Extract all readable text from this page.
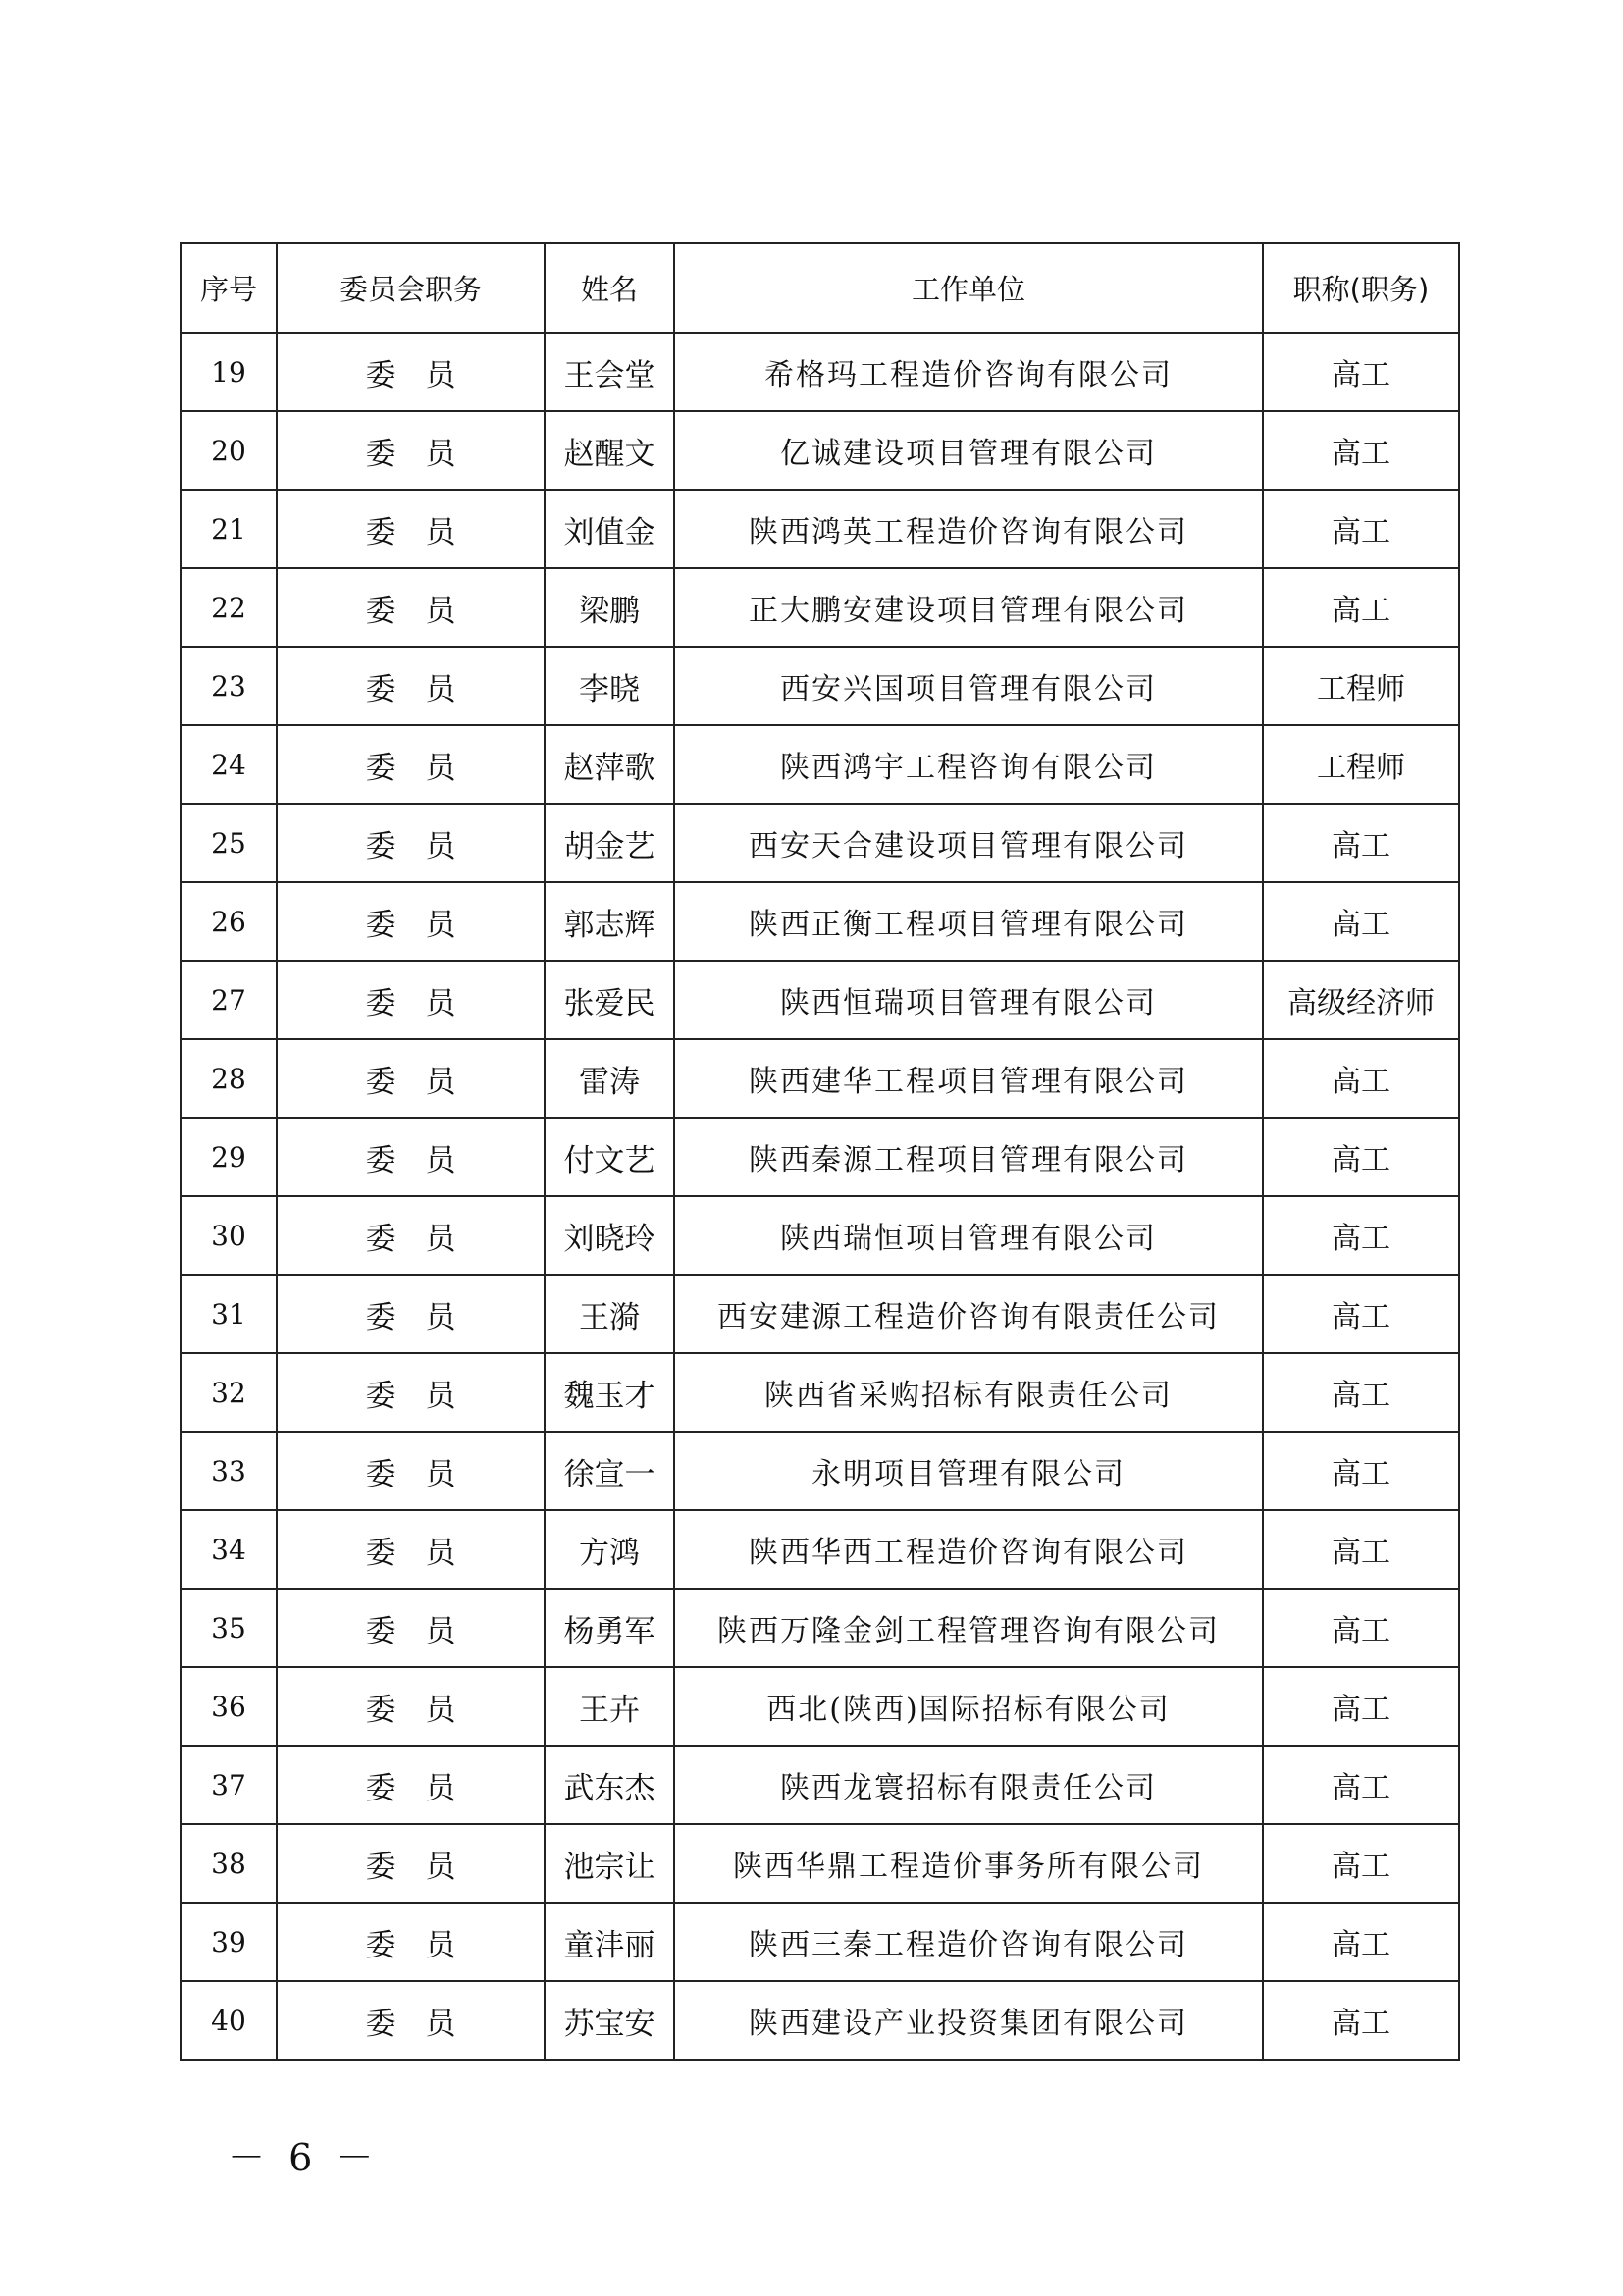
序号	委员会职务	姓名	工作单位	职称(职务)
19	委员	王会堂	希格玛工程造价咨询有限公司	高工
20	委员	赵醒文	亿诚建设项目管理有限公司	高工
21	委员	刘值金	陕西鸿英工程造价咨询有限公司	高工
22	委员	梁鹏	正大鹏安建设项目管理有限公司	高工
23	委员	李晓	西安兴国项目管理有限公司	工程师
24	委员	赵萍歌	陕西鸿宇工程咨询有限公司	工程师
25	委员	胡金艺	西安天合建设项目管理有限公司	高工
26	委员	郭志辉	陕西正衡工程项目管理有限公司	高工
27	委员	张爱民	陕西恒瑞项目管理有限公司	高级经济师
28	委员	雷涛	陕西建华工程项目管理有限公司	高工
29	委员	付文艺	陕西秦源工程项目管理有限公司	高工
30	委员	刘晓玲	陕西瑞恒项目管理有限公司	高工
31	委员	王漪	西安建源工程造价咨询有限责任公司	高工
32	委员	魏玉才	陕西省采购招标有限责任公司	高工
33	委员	徐宣一	永明项目管理有限公司	高工
34	委员	方鸿	陕西华西工程造价咨询有限公司	高工
35	委员	杨勇军	陕西万隆金剑工程管理咨询有限公司	高工
36	委员	王卉	西北(陕西)国际招标有限公司	高工
37	委员	武东杰	陕西龙寰招标有限责任公司	高工
38	委员	池宗让	陕西华鼎工程造价事务所有限公司	高工
39	委员	童沣丽	陕西三秦工程造价咨询有限公司	高工
40	委员	苏宝安	陕西建设产业投资集团有限公司	高工
－ 6 －
